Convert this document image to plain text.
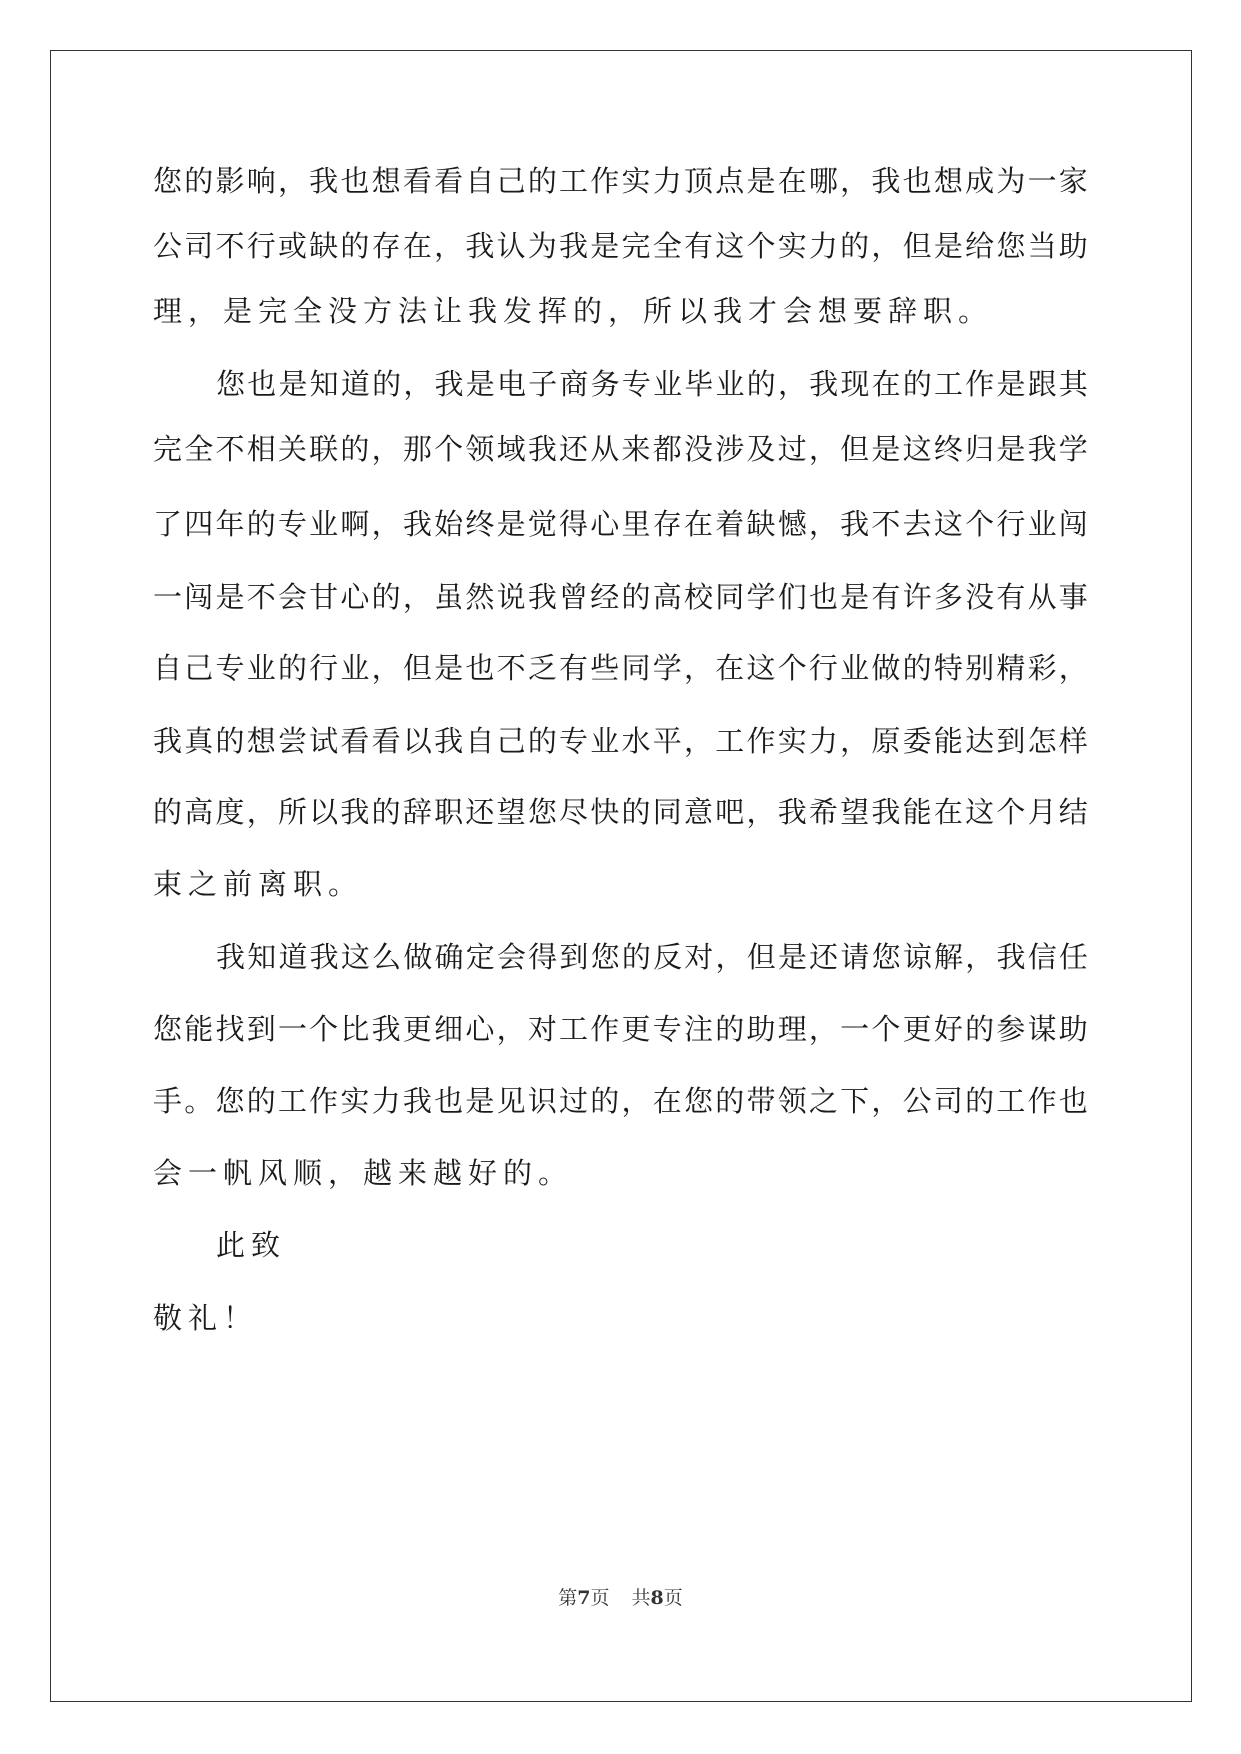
您 的 影 响 ， 我 也 想 看 看 自 己 的 工 作 实 力 顶 点 是 在 哪 ， 我 也 想 成 为 一 家
公 司 不 行 或 缺 的 存 在 ， 我 认 为 我 是 完 全 有 这 个 实 力 的 ， 但 是 给 您 当 助
理，是完全没方法让我发挥的，所以我才会想要辞职。
您 也 是 知 道 的 ， 我 是 电 子 商 务 专 业 毕 业 的 ， 我 现 在 的 工 作 是 跟 其
完 全 不 相 关 联 的 ， 那 个 领 域 我 还 从 来 都 没 涉 及 过 ， 但 是 这 终 归 是 我 学
了 四 年 的 专 业 啊 ， 我 始 终 是 觉 得 心 里 存 在 着 缺 憾 ， 我 不 去 这 个 行 业 闯
一 闯 是 不 会 甘 心 的 ， 虽 然 说 我 曾 经 的 高 校 同 学 们 也 是 有 许 多 没 有 从 事
自 己 专 业 的 行 业 ， 但 是 也 不 乏 有 些 同 学 ， 在 这 个 行 业 做 的 特 别 精 彩 ，
我 真 的 想 尝 试 看 看 以 我 自 己 的 专 业 水 平 ， 工 作 实 力 ， 原 委 能 达 到 怎 样
的 高 度 ， 所 以 我 的 辞 职 还 望 您 尽 快 的 同 意 吧 ， 我 希 望 我 能 在 这 个 月 结
束之前离职。
我 知 道 我 这 么 做 确 定 会 得 到 您 的 反 对 ， 但 是 还 请 您 谅 解 ， 我 信 任
您 能 找 到 一 个 比 我 更 细 心 ， 对 工 作 更 专 注 的 助 理 ， 一 个 更 好 的 参 谋 助
手 。 您 的 工 作 实 力 我 也 是 见 识 过 的 ， 在 您 的 带 领 之 下 ， 公 司 的 工 作 也
会一帆风顺，越来越好的。
此致
敬礼！
第7页 共8页
